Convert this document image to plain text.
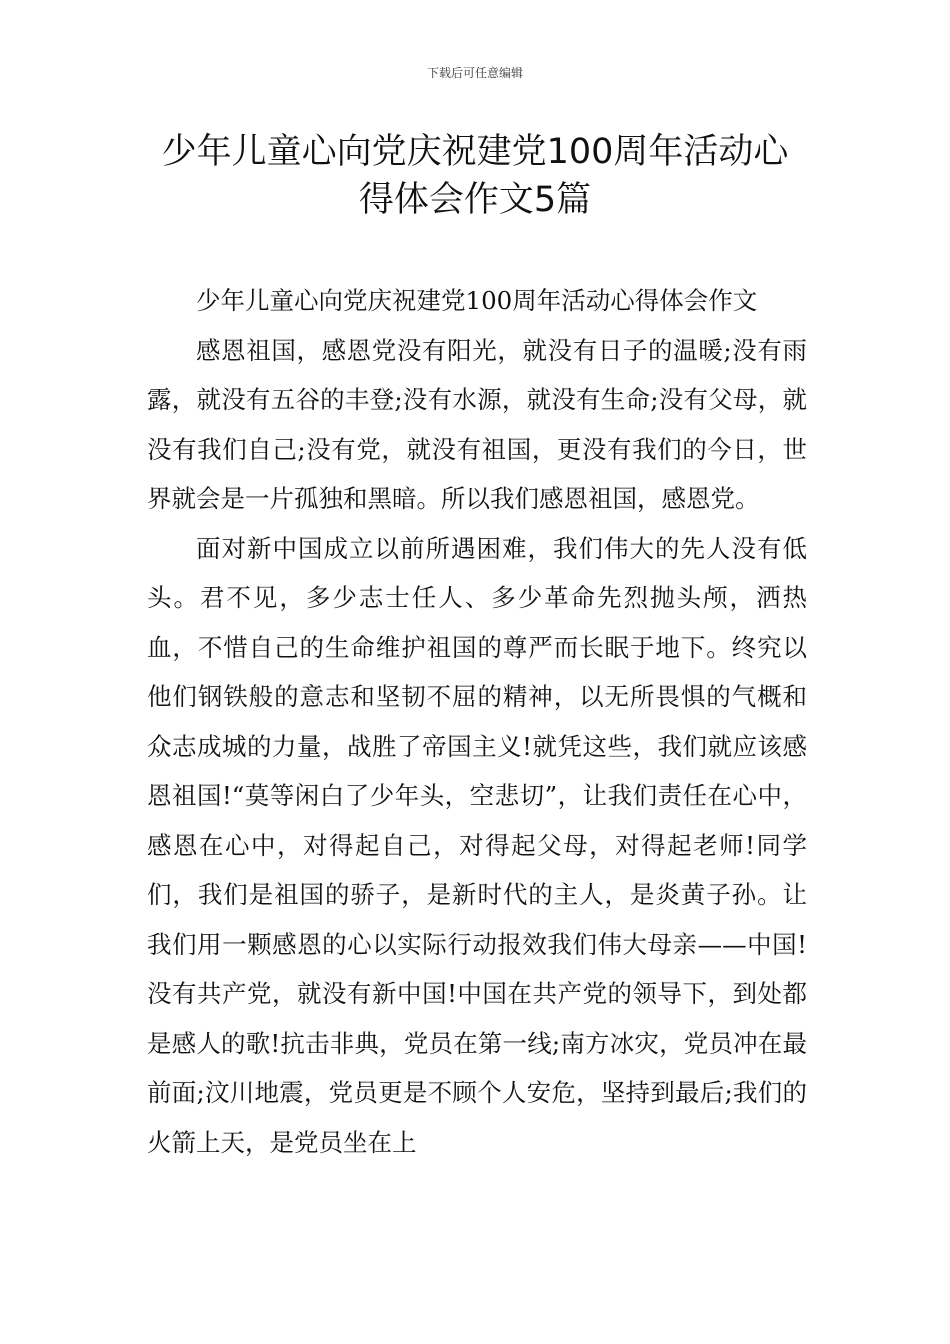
下载后可任意编辑
少年儿童心向党庆祝建党100周年活动心
得体会作文5篇

少年儿童心向党庆祝建党100周年活动心得体会作文

感恩祖国，感恩党没有阳光，就没有日子的温暖;没有雨露，就没有五谷的丰登;没有水源，就没有生命;没有父母，就没有我们自己;没有党，就没有祖国，更没有我们的今日，世界就会是一片孤独和黑暗。所以我们感恩祖国，感恩党。

面对新中国成立以前所遇困难，我们伟大的先人没有低头。君不见，多少志士任人、多少革命先烈抛头颅，洒热血，不惜自己的生命维护祖国的尊严而长眠于地下。终究以他们钢铁般的意志和坚韧不屈的精神，以无所畏惧的气概和众志成城的力量，战胜了帝国主义!就凭这些，我们就应该感恩祖国!“莫等闲白了少年头，空悲切”，让我们责任在心中，感恩在心中，对得起自己，对得起父母，对得起老师!同学们，我们是祖国的骄子，是新时代的主人，是炎黄子孙。让我们用一颗感恩的心以实际行动报效我们伟大母亲——中国!没有共产党，就没有新中国!中国在共产党的领导下，到处都是感人的歌!抗击非典，党员在第一线;南方冰灾，党员冲在最前面;汶川地震，党员更是不顾个人安危，坚持到最后;我们的火箭上天，是党员坐在上
